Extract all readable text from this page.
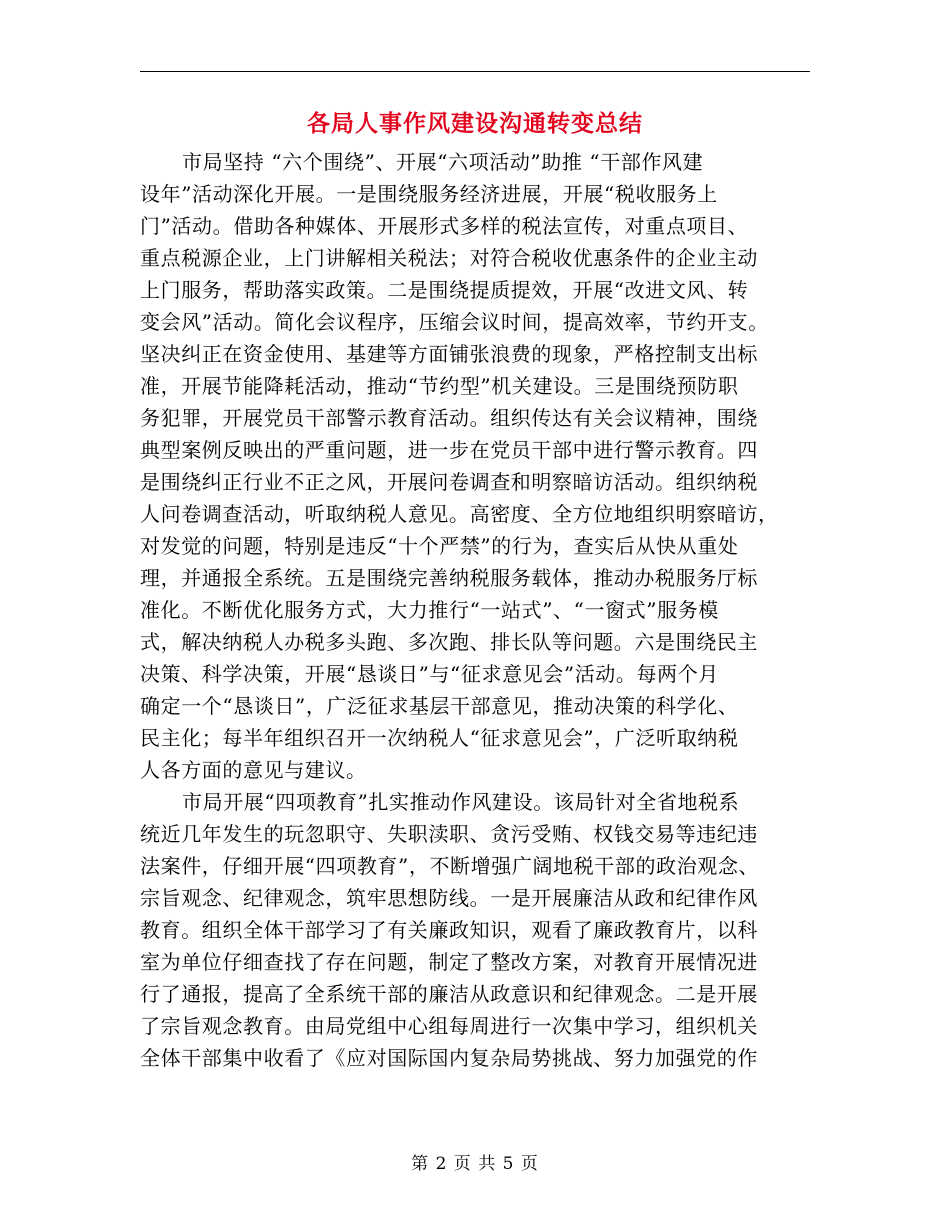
各局人事作风建设沟通转变总结
市局坚持 “六个围绕”、开展“六项活动”助推 “干部作风建
设年”活动深化开展。一是围绕服务经济进展，开展“税收服务上
门”活动。借助各种媒体、开展形式多样的税法宣传，对重点项目、
重点税源企业，上门讲解相关税法；对符合税收优惠条件的企业主动
上门服务，帮助落实政策。二是围绕提质提效，开展“改进文风、转
变会风”活动。简化会议程序，压缩会议时间，提高效率，节约开支。
坚决纠正在资金使用、基建等方面铺张浪费的现象，严格控制支出标
准，开展节能降耗活动，推动“节约型”机关建设。三是围绕预防职
务犯罪，开展党员干部警示教育活动。组织传达有关会议精神，围绕
典型案例反映出的严重问题，进一步在党员干部中进行警示教育。四
是围绕纠正行业不正之风，开展问卷调查和明察暗访活动。组织纳税
人问卷调查活动，听取纳税人意见。高密度、全方位地组织明察暗访，
对发觉的问题，特别是违反“十个严禁”的行为，查实后从快从重处
理，并通报全系统。五是围绕完善纳税服务载体，推动办税服务厅标
准化。不断优化服务方式，大力推行“一站式”、“一窗式”服务模
式，解决纳税人办税多头跑、多次跑、排长队等问题。六是围绕民主
决策、科学决策，开展“恳谈日”与“征求意见会”活动。每两个月
确定一个“恳谈日”，广泛征求基层干部意见，推动决策的科学化、
民主化；每半年组织召开一次纳税人“征求意见会”，广泛听取纳税
人各方面的意见与建议。
市局开展“四项教育”扎实推动作风建设。该局针对全省地税系
统近几年发生的玩忽职守、失职渎职、贪污受贿、权钱交易等违纪违
法案件，仔细开展“四项教育”，不断增强广阔地税干部的政治观念、
宗旨观念、纪律观念，筑牢思想防线。一是开展廉洁从政和纪律作风
教育。组织全体干部学习了有关廉政知识，观看了廉政教育片，以科
室为单位仔细查找了存在问题，制定了整改方案，对教育开展情况进
行了通报，提高了全系统干部的廉洁从政意识和纪律观念。二是开展
了宗旨观念教育。由局党组中心组每周进行一次集中学习，组织机关
全体干部集中收看了《应对国际国内复杂局势挑战、努力加强党的作
第 2 页 共 5 页
